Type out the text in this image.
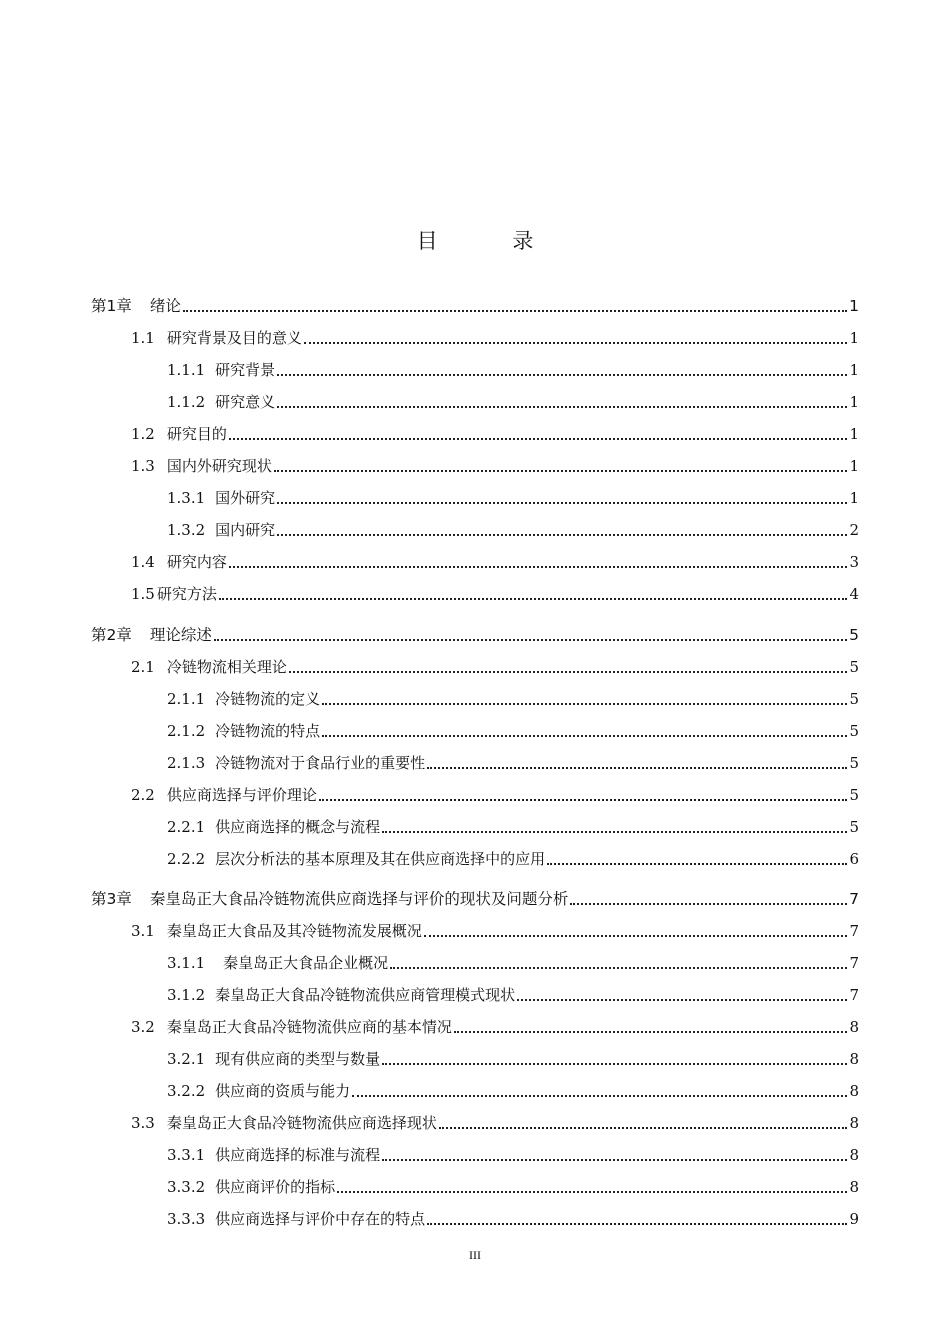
目 录
第1章 绪论	1
1.1 研究背景及目的意义	1
1.1.1 研究背景	1
1.1.2 研究意义	1
1.2 研究目的	1
1.3 国内外研究现状	1
1.3.1 国外研究	1
1.3.2 国内研究	2
1.4 研究内容	3
1.5 研究方法	4
第2章 理论综述	5
2.1 冷链物流相关理论	5
2.1.1 冷链物流的定义	5
2.1.2 冷链物流的特点	5
2.1.3 冷链物流对于食品行业的重要性	5
2.2 供应商选择与评价理论	5
2.2.1 供应商选择的概念与流程	5
2.2.2 层次分析法的基本原理及其在供应商选择中的应用	6
第3章 秦皇岛正大食品冷链物流供应商选择与评价的现状及问题分析	7
3.1 秦皇岛正大食品及其冷链物流发展概况	7
3.1.1 秦皇岛正大食品企业概况	7
3.1.2 秦皇岛正大食品冷链物流供应商管理模式现状	7
3.2 秦皇岛正大食品冷链物流供应商的基本情况	8
3.2.1 现有供应商的类型与数量	8
3.2.2 供应商的资质与能力	8
3.3 秦皇岛正大食品冷链物流供应商选择现状	8
3.3.1 供应商选择的标准与流程	8
3.3.2 供应商评价的指标	8
3.3.3 供应商选择与评价中存在的特点	9
III
